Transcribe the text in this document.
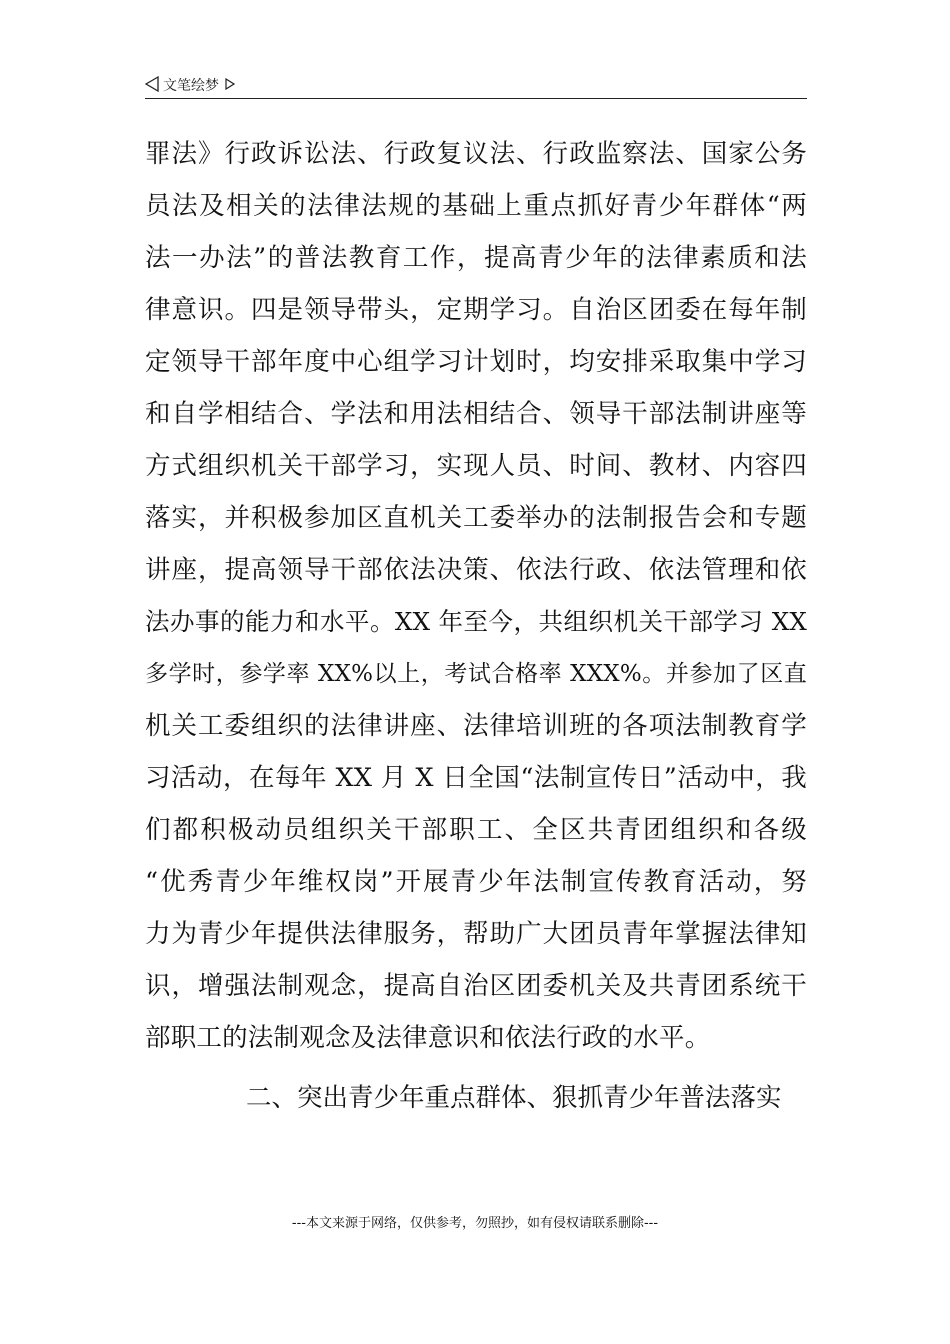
文笔绘梦
罪法》行政诉讼法、行政复议法、行政监察法、国家公务
员法及相关的法律法规的基础上重点抓好青少年群体“两
法一办法”的普法教育工作，提高青少年的法律素质和法
律意识。四是领导带头，定期学习。自治区团委在每年制
定领导干部年度中心组学习计划时，均安排采取集中学习
和自学相结合、学法和用法相结合、领导干部法制讲座等
方式组织机关干部学习，实现人员、时间、教材、内容四
落实，并积极参加区直机关工委举办的法制报告会和专题
讲座，提高领导干部依法决策、依法行政、依法管理和依
法办事的能力和水平。XX 年至今，共组织机关干部学习 XX
多学时，参学率 XX%以上，考试合格率 XXX%。并参加了区直
机关工委组织的法律讲座、法律培训班的各项法制教育学
习活动，在每年 XX 月 X 日全国“法制宣传日”活动中，我
们都积极动员组织关干部职工、全区共青团组织和各级
“优秀青少年维权岗”开展青少年法制宣传教育活动，努
力为青少年提供法律服务，帮助广大团员青年掌握法律知
识，增强法制观念，提高自治区团委机关及共青团系统干
部职工的法制观念及法律意识和依法行政的水平。
二、突出青少年重点群体、狠抓青少年普法落实
---本文来源于网络，仅供参考，勿照抄，如有侵权请联系删除---
